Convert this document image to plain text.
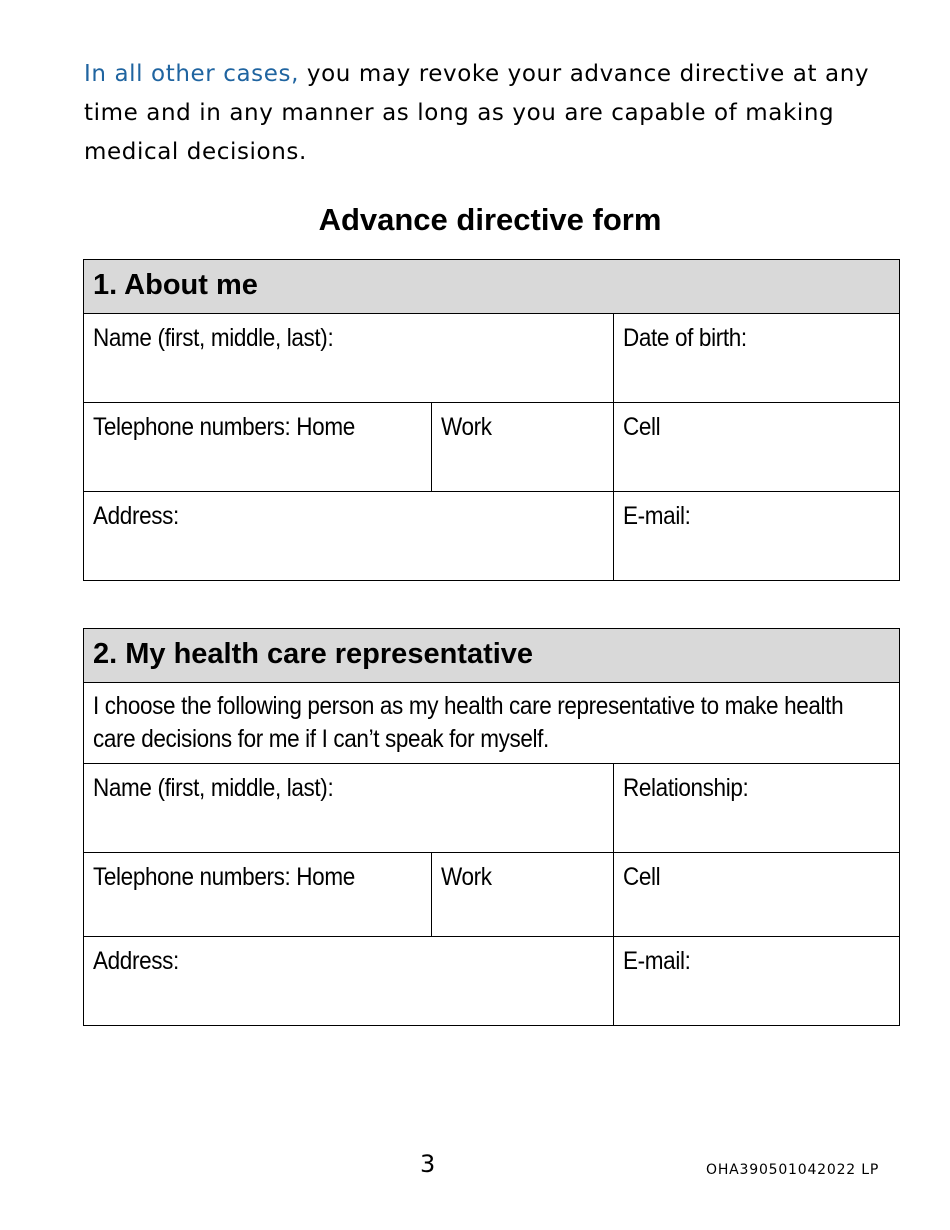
In all other cases, you may revoke your advance directive at any time and in any manner as long as you are capable of making medical decisions.

Advance directive form
1. About me		
Name (first, middle, last):		Date of birth:
Telephone numbers: Home	Work	Cell
Address:		E-mail:
2. My health care representative		
I choose the following person as my health care representative to make health care decisions for me if I can’t speak for myself.		
Name (first, middle, last):		Relationship:
Telephone numbers: Home	Work	Cell
Address:		E-mail:
3	OHA390501042022 LP
